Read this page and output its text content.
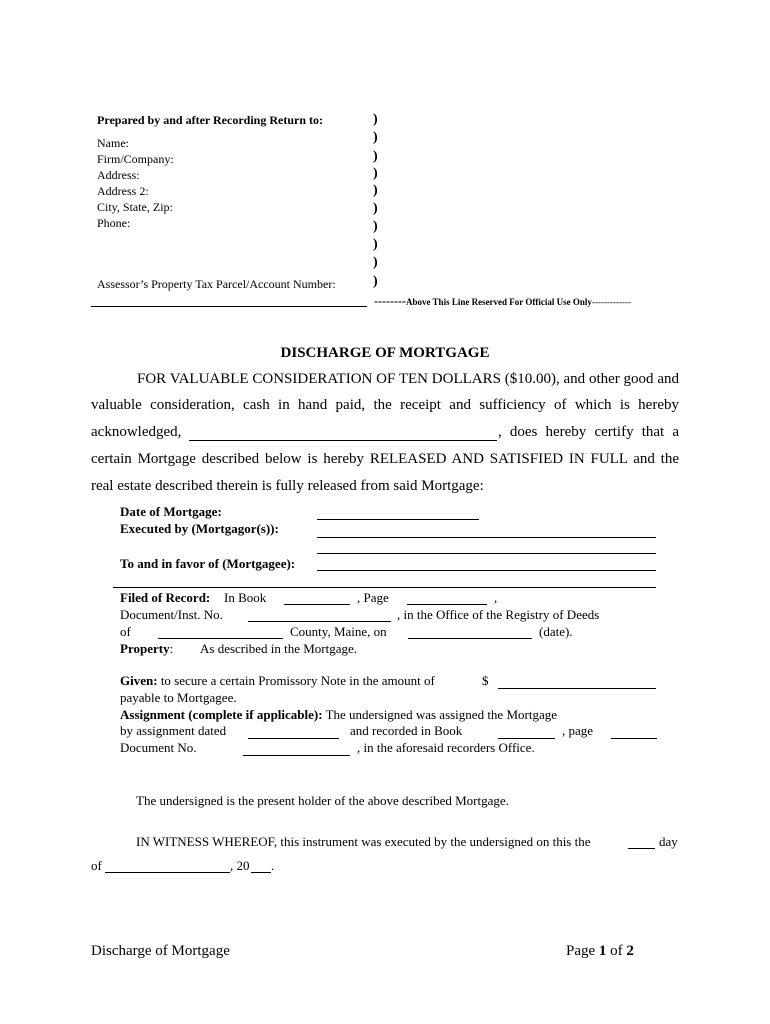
Prepared by and after Recording Return to:
Name:
Firm/Company:
Address:
Address 2:
City, State, Zip:
Phone:
Assessor’s Property Tax Parcel/Account Number:
)
)
)
)
)
)
)
)
)
)
--------Above This Line Reserved For Official Use Only-------------
DISCHARGE OF MORTGAGE
FOR VALUABLE CONSIDERATION OF TEN DOLLARS ($10.00), and other good and
valuable consideration, cash in hand paid, the receipt and sufficiency of which is hereby
acknowledged,	, does hereby certify that a
certain Mortgage described below is hereby RELEASED AND SATISFIED IN FULL and the
real estate described therein is fully released from said Mortgage:
Date of Mortgage:
Executed by (Mortgagor(s)):
To and in favor of (Mortgagee):
Filed of Record: In Book	, Page	,
Document/Inst. No.	, in the Office of the Registry of Deeds
of	County, Maine, on	(date).
Property: As described in the Mortgage.
Given: to secure a certain Promissory Note in the amount of	$
payable to Mortgagee.
Assignment (complete if applicable): The undersigned was assigned the Mortgage
by assignment dated	and recorded in Book	, page
Document No.	, in the aforesaid recorders Office.
The undersigned is the present holder of the above described Mortgage.
IN WITNESS WHEREOF, this instrument was executed by the undersigned on this the	day
of	, 20 .
Discharge of Mortgage	Page 1 of 2
